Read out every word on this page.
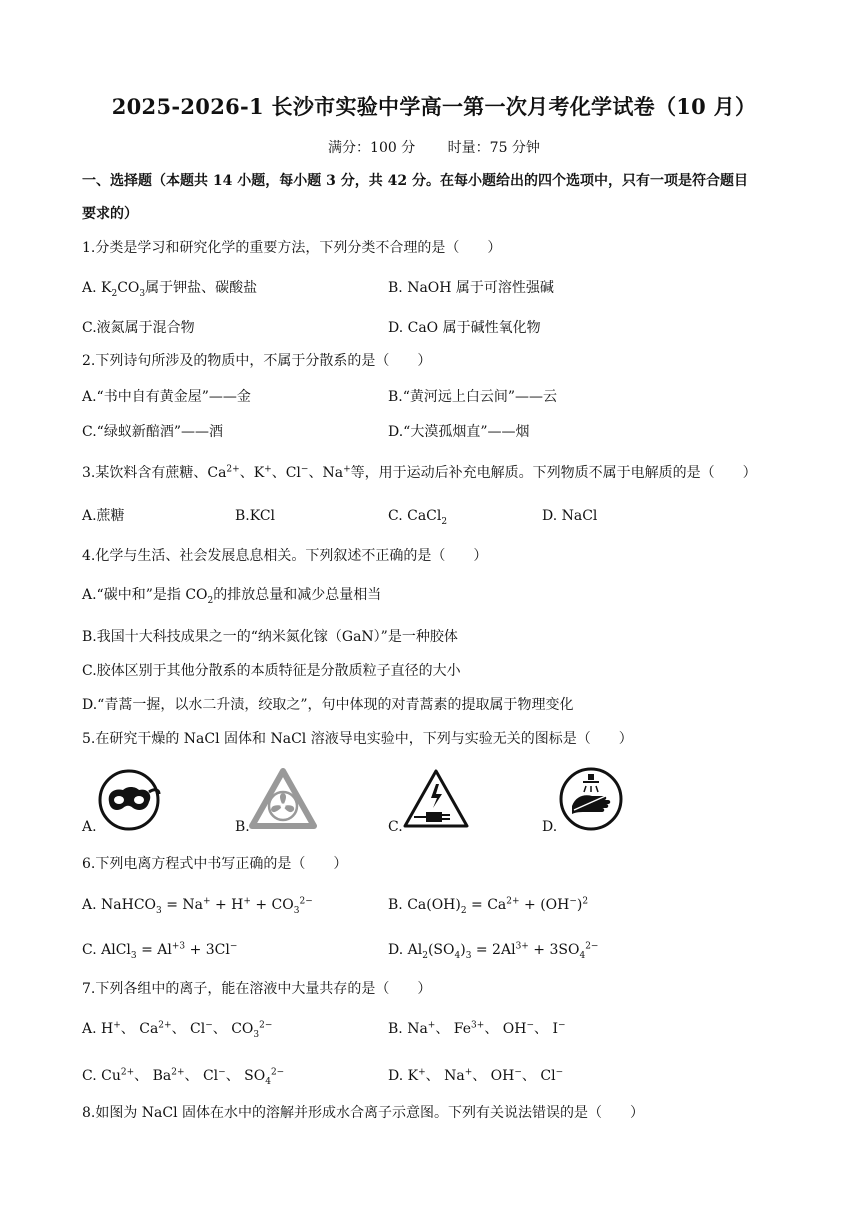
2025-2026-1 长沙市实验中学高一第一次月考化学试卷（10 月）
满分：100 分 时量：75 分钟
一、选择题（本题共 14 小题，每小题 3 分，共 42 分。在每小题给出的四个选项中，只有一项是符合题目
要求的）
1.分类是学习和研究化学的重要方法，下列分类不合理的是（　　）
A. $K_2CO_3$属于钾盐、碳酸盐	B. NaOH 属于可溶性强碱
C.液氮属于混合物	D. CaO 属于碱性氧化物
2.下列诗句所涉及的物质中，不属于分散系的是（　　）
A.“书中自有黄金屋”——金	B.“黄河远上白云间”——云
C.“绿蚁新醅酒”——酒	D.“大漠孤烟直”——烟
3.某饮料含有蔗糖、$Ca^{2+}$、K+、Cl−、Na+等，用于运动后补充电解质。下列物质不属于电解质的是（　　）
A.蔗糖	B.KCl	C. CaCl$_2$	D. NaCl
4.化学与生活、社会发展息息相关。下列叙述不正确的是（　　）
A.“碳中和”是指 $CO_2$的排放总量和减少总量相当
B.我国十大科技成果之一的“纳米氮化镓（GaN）”是一种胶体
C.胶体区别于其他分散系的本质特征是分散质粒子直径的大小
D.“青蒿一握，以水二升渍，绞取之”，句中体现的对青蒿素的提取属于物理变化
5.在研究干燥的 NaCl 固体和 NaCl 溶液导电实验中，下列与实验无关的图标是（　　）
A.	B.	C.	D.
6.下列电离方程式中书写正确的是（　　）
A. NaHCO$_3$ = $Na^+ + H^+ + CO_3^{2-}$	B. $Ca(OH)_2 = Ca^{2+} + (OH^-)^2$
C. AlCl$_3$ = $Al^{+3} + 3Cl^-$	D. $Al_2(SO_4)_3 = 2Al^{3+} + 3SO_4^{2-}$
7.下列各组中的离子，能在溶液中大量共存的是（　　）
A. H+、 $Ca^{2+}$、 Cl−、 $CO_3^{2-}$	B. Na+、 $Fe^{3+}$、 OH−、 I−
C. $Cu^{2+}$、 $Ba^{2+}$、 Cl−、 $SO_4^{2-}$	D. K+、 Na+、 OH−、 Cl−
8.如图为 NaCl 固体在水中的溶解并形成水合离子示意图。下列有关说法错误的是（　　）
